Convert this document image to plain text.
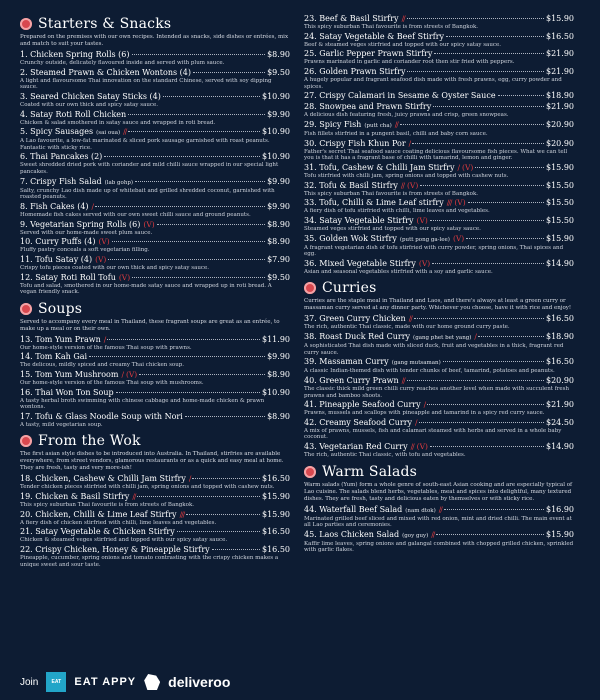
Starters & Snacks
Prepared on the premises with our own recipes. Intended as snacks, side dishes or entrées, mix and match to suit your tastes.
1. Chicken Spring Rolls (6)	$8.90
Crunchy outside, delicately flavoured inside and served with plum sauce.
2. Steamed Prawn & Chicken Wontons (4)	$9.50
A light and flavoursome Thai innovation on the standard Chinese, served with soy dipping sauce.
3. Seared Chicken Satay Sticks (4)	$10.90
Coated with our own thick and spicy satay sauce.
4. Satay Roti Roll Chicken	$9.90
Chicken & salad smothered in satay sauce and wrapped in roti bread.
5. Spicy Sausages (sai oua) //	$10.90
A Lao favourite, a low-fat marinated & sliced pork sausage garnished with roast peanuts. Fantastic with sticky rice.
6. Thai Pancakes (2)	$10.90
Sweet shredded dried pork with coriander and mild chilli sauce wrapped in our special light pancakes.
7. Crispy Fish Salad (lab gohp)	$9.90
Salty, crunchy Lao dish made up of whitebait and grilled shredded coconut, garnished with roasted peanuts.
8. Fish Cakes (4) /	$9.90
Homemade fish cakes served with our own sweet chilli sauce and ground peanuts.
9. Vegetarian Spring Rolls (6) (V)	$8.90
Served with our home-made sweet plum sauce.
10. Curry Puffs (4) (V)	$8.90
Fluffy pastry conceals a soft vegetarian filling.
11. Tofu Satay (4) (V)	$7.90
Crispy tofu pieces coated with our own thick and spicy satay sauce.
12. Satay Roti Roll Tofu (V)	$9.50
Tofu and salad, smothered in our home-made satay sauce and wrapped up in roti bread. A vegan friendly snack.
Soups
Served to accompany every meal in Thailand, these fragrant soups are great as an entrée, to make up a meal or on their own.
13. Tom Yum Prawn /	$11.90
Our home-style version of the famous Thai soup with prawns.
14. Tom Kah Gai	$9.90
The delicous, mildly spiced and creamy Thai chicken soup.
15. Tom Yum Mushroom / (V)	$8.90
Our home-style version of the famous Thai soup with mushrooms.
16. Thai Won Ton Soup	$10.90
A tasty herbal broth swimming with chinese cabbage and home-made chicken & prawn wontons.
17. Tofu & Glass Noodle Soup with Nori	$8.90
A tasty, mild vegetarian soup.
From the Wok
The first asian style dishes to be introduced into Australia. In Thailand, stirfries are available everywhere, from street vendors, glamorous restaurants or as a quick and easy meal at home. They are fresh, tasty and very more-ish!
18. Chicken, Cashew & Chilli Jam Stirfry /	$16.50
Tender chicken pieces stirfried with chilli jam, spring onions and topped with cashew nuts.
19. Chicken & Basil Stirfry //	$15.90
This spicy suburban Thai favourite is from streets of Bangkok.
20. Chicken, Chilli & Lime Leaf Stirfry ///	$15.90
A fiery dish of chicken stirfried with chilli, lime leaves and vegetables.
21. Satay Vegetable & Chicken Stirfry	$16.50
Chicken & steamed veges stirfried and topped with our spicy satay sauce.
22. Crispy Chicken, Honey & Pineapple Stirfry	$16.50
Pineapple, cucumber, spring onions and tomato contrasting with the crispy chicken makes a unique sweet and sour taste.
23. Beef & Basil Stirfry //	$15.90
This spicy suburban Thai favourite is from streets of Bangkok.
24. Satay Vegetable & Beef Stirfry	$16.50
Beef & steamed veges stirfried and topped with our spicy satay sauce.
25. Garlic Pepper Prawn Stirfry	$21.90
Prawns marinated in garlic and coriander root then stir fried with peppers.
26. Golden Prawn Stirfry	$21.90
A hugely popular and fragrant seafood dish made with fresh prawns, egg, curry powder and spices.
27. Crispy Calamari in Sesame & Oyster Sauce	$18.90
28. Snowpea and Prawn Stirfry	$21.90
A delicious dish featuring fresh, juicy prawns and crisp, green snowpeas.
29. Spicy Fish (putt cha) //	$20.90
Fish fillets stirfried in a pungent basil, chilli and baby corn sauce.
30. Crispy Fish Khun Por /	$20.90
Father's secret Thai seafood sauce coating delicious flavoursome fish pieces. What we can tell you is that it has a fragrant base of chilli with tamarind, lemon and ginger.
31. Tofu, Cashew & Chilli Jam Stirfry / (V)	$15.90
Tofu stirfried with chilli jam, spring onions and topped with cashew nuts.
32. Tofu & Basil Stirfry // (V)	$15.50
This spicy suburban Thai favourite is from streets of Bangkok.
33. Tofu, Chilli & Lime Leaf stirfry /// (V)	$15.50
A fiery dish of tofu stirfried with chilli, lime leaves and vegetables.
34. Satay Vegetable Stirfry (V)	$15.50
Steamed veges stirfried and topped with our spicy satay sauce.
35. Golden Wok Stirfry (putt pong ga-lee) (V)	$15.90
A fragrant vegetarian dish of tofu stirfried with curry powder, spring onions, Thai spices and egg.
36. Mixed Vegetable Stirfry (V)	$14.90
Asian and seasonal vegetables stirfried with a soy and garlic sauce.
Curries
Curries are the staple meal in Thailand and Laos, and there's always at least a green curry or massaman curry served at any dinner party. Whichever you choose, have it with rice and enjoy!
37. Green Curry Chicken //	$16.50
The rich, authentic Thai classic, made with our home ground curry paste.
38. Roast Duck Red Curry (gang phet bet yang) /	$18.90
A sophisticated Thai dish made with sliced duck, fruit and vegetables in a thick, fragrant red curry sauce.
39. Massaman Curry (gang mutsaman)	$16.50
A classic Indian-themed dish with tender chunks of beef, tamarind, potatoes and peanuts.
40. Green Curry Prawn //	$20.90
The classic thick mild green chilli curry reaches another level when made with succulent fresh prawns and bamboo shoots.
41. Pineapple Seafood Curry /	$21.90
Prawns, mussels and scallops with pineapple and tamarind in a spicy red curry sauce.
42. Creamy Seafood Curry /	$24.50
A mix of prawns, mussels, fish and calamari steamed with herbs and served in a whole baby coconut.
43. Vegetarian Red Curry // (V)	$14.90
The rich, authentic Thai classic, with tofu and vegetables.
Warm Salads
Warm salads (Yum) form a whole genre of south-east Asian cooking and are especially typical of Lao cuisine. The salads blend herbs, vegetables, meat and spices into delightful, many textured dishes. They are fresh, tasty and delicious eaten by themselves or with sticky rice.
44. Waterfall Beef Salad (nam dtok) //	$16.90
Marinated grilled beef sliced and mixed with red onion, mint and dried chilli. The main event at all Lao parties and ceremonies.
45. Laos Chicken Salad (goy guy) //	$15.90
Kaffir lime leaves, spring onions and galangal combined with chopped grilled chicken, sprinkled with garlic flakes.
Join	EAT	EAT APPY deliveroo
